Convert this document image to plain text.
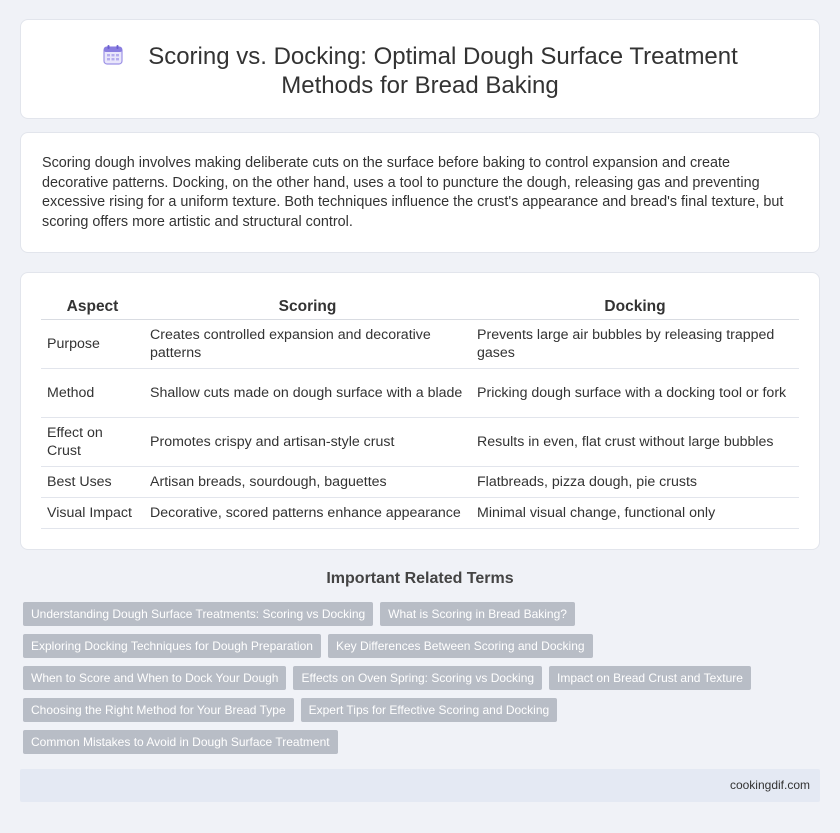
Scoring vs. Docking: Optimal Dough Surface Treatment Methods for Bread Baking

Scoring dough involves making deliberate cuts on the surface before baking to control expansion and create decorative patterns. Docking, on the other hand, uses a tool to puncture the dough, releasing gas and preventing excessive rising for a uniform texture. Both techniques influence the crust's appearance and bread's final texture, but scoring offers more artistic and structural control.

Aspect	Scoring	Docking
Purpose	Creates controlled expansion and decorative patterns	Prevents large air bubbles by releasing trapped gases
Method	Shallow cuts made on dough surface with a blade	Pricking dough surface with a docking tool or fork
Effect on Crust	Promotes crispy and artisan-style crust	Results in even, flat crust without large bubbles
Best Uses	Artisan breads, sourdough, baguettes	Flatbreads, pizza dough, pie crusts
Visual Impact	Decorative, scored patterns enhance appearance	Minimal visual change, functional only
Important Related Terms
Understanding Dough Surface Treatments: Scoring vs Docking	What is Scoring in Bread Baking?
Exploring Docking Techniques for Dough Preparation	Key Differences Between Scoring and Docking
When to Score and When to Dock Your Dough	Effects on Oven Spring: Scoring vs Docking	Impact on Bread Crust and Texture
Choosing the Right Method for Your Bread Type	Expert Tips for Effective Scoring and Docking
Common Mistakes to Avoid in Dough Surface Treatment
cookingdif.com
